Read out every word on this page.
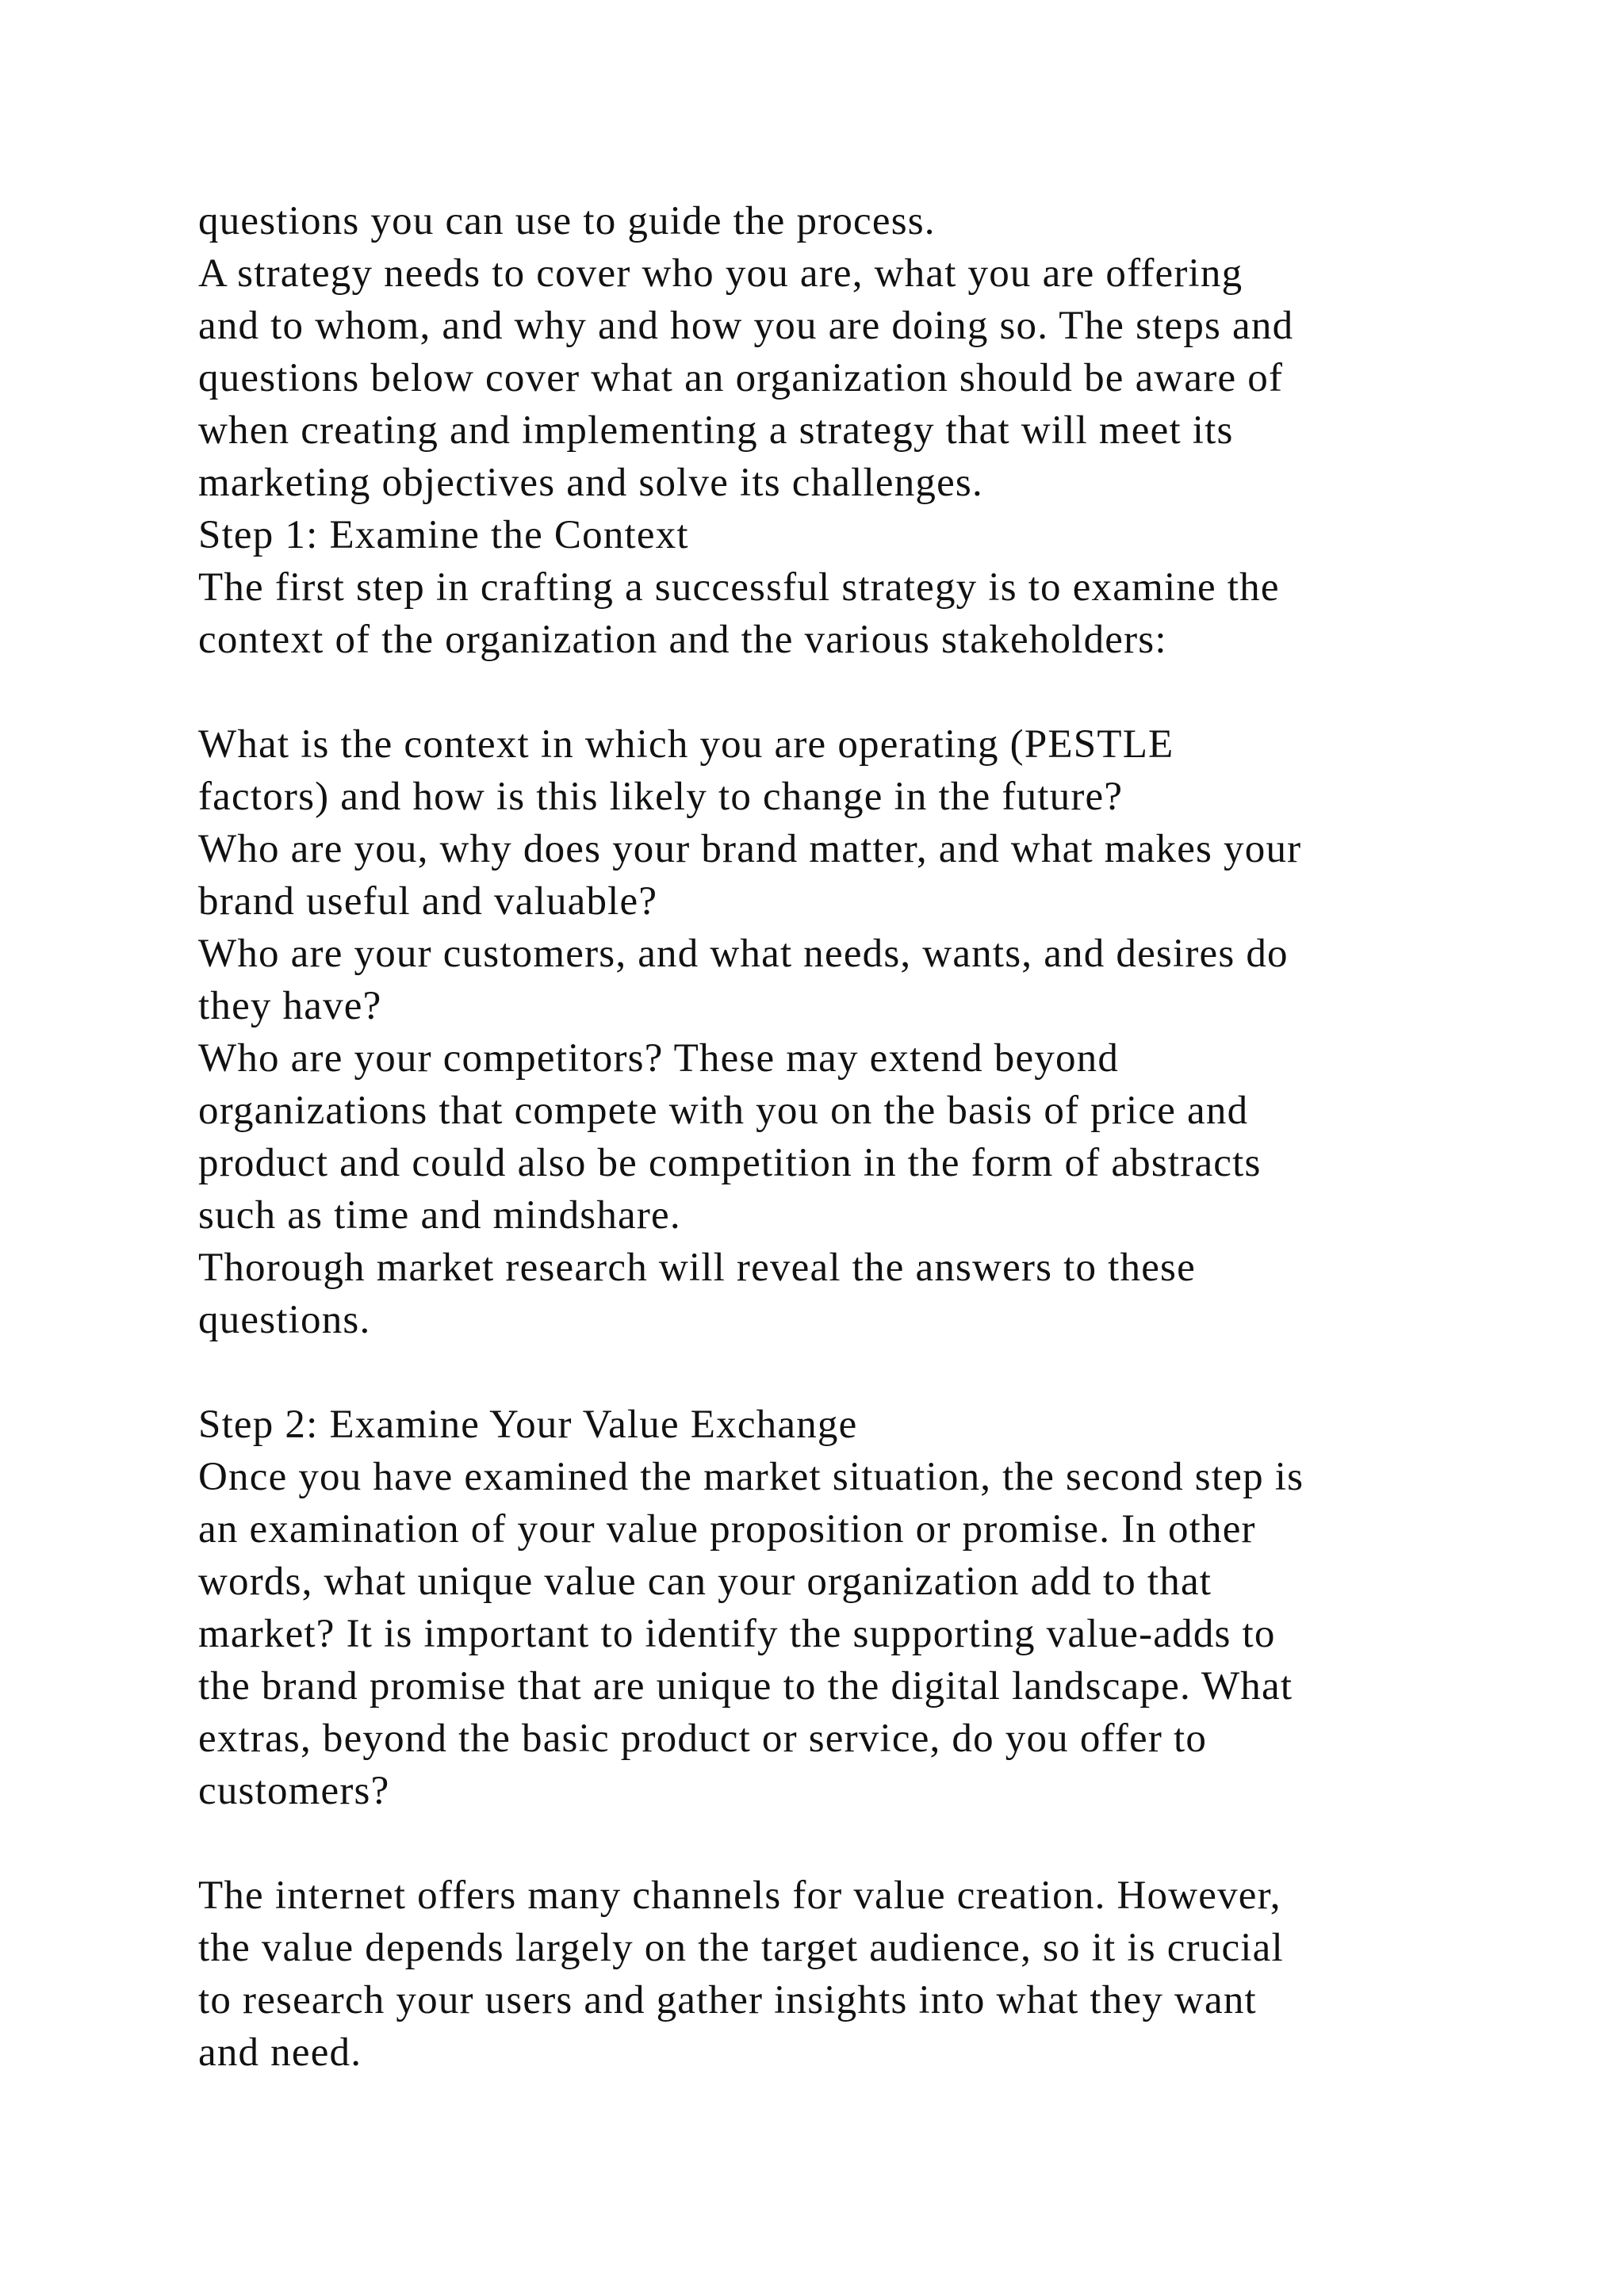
questions you can use to guide the process.
A strategy needs to cover who you are, what you are offering
and to whom, and why and how you are doing so. The steps and
questions below cover what an organization should be aware of
when creating and implementing a strategy that will meet its
marketing objectives and solve its challenges.
Step 1: Examine the Context
The first step in crafting a successful strategy is to examine the
context of the organization and the various stakeholders:
What is the context in which you are operating (PESTLE
factors) and how is this likely to change in the future?
Who are you, why does your brand matter, and what makes your
brand useful and valuable?
Who are your customers, and what needs, wants, and desires do
they have?
Who are your competitors? These may extend beyond
organizations that compete with you on the basis of price and
product and could also be competition in the form of abstracts
such as time and mindshare.
Thorough market research will reveal the answers to these
questions.
Step 2: Examine Your Value Exchange
Once you have examined the market situation, the second step is
an examination of your value proposition or promise. In other
words, what unique value can your organization add to that
market? It is important to identify the supporting value-adds to
the brand promise that are unique to the digital landscape. What
extras, beyond the basic product or service, do you offer to
customers?
The internet offers many channels for value creation. However,
the value depends largely on the target audience, so it is crucial
to research your users and gather insights into what they want
and need.
